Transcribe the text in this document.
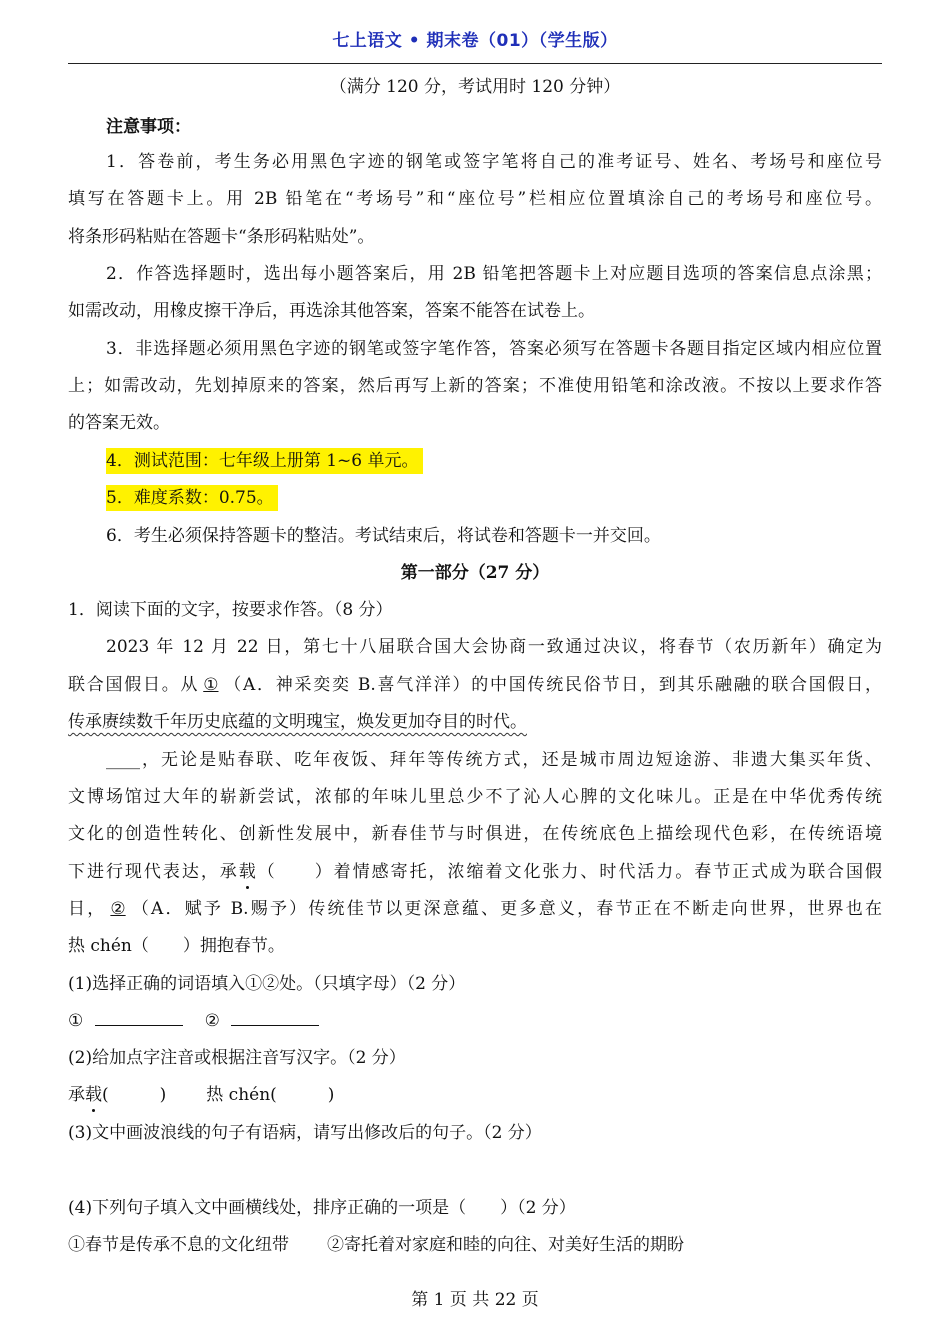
七上语文 • 期末卷（01）（学生版）
（满分 120 分，考试用时 120 分钟）
注意事项：
1．答卷前，考生务必用黑色字迹的钢笔或签字笔将自己的准考证号、姓名、考场号和座位号
填写在答题卡上。用 2B 铅笔在“考场号”和“座位号”栏相应位置填涂自己的考场号和座位号。
将条形码粘贴在答题卡“条形码粘贴处”。
2．作答选择题时，选出每小题答案后，用 2B 铅笔把答题卡上对应题目选项的答案信息点涂黑；
如需改动，用橡皮擦干净后，再选涂其他答案，答案不能答在试卷上。
3．非选择题必须用黑色字迹的钢笔或签字笔作答，答案必须写在答题卡各题目指定区域内相应位置
上；如需改动，先划掉原来的答案，然后再写上新的答案；不准使用铅笔和涂改液。不按以上要求作答
的答案无效。
4．测试范围：七年级上册第 1~6 单元。
5．难度系数：0.75。
6．考生必须保持答题卡的整洁。考试结束后，将试卷和答题卡一并交回。
第一部分（27 分）
1．阅读下面的文字，按要求作答。（8 分）
2023 年 12 月 22 日，第七十八届联合国大会协商一致通过决议，将春节（农历新年）确定为
联合国假日。从 ① （A．神采奕奕 B.喜气洋洋）的中国传统民俗节日，到其乐融融的联合国假日，
传承赓续数千年历史底蕴的文明瑰宝，焕发更加夺目的时代。
____，无论是贴春联、吃年夜饭、拜年等传统方式，还是城市周边短途游、非遗大集买年货、
文博场馆过大年的崭新尝试，浓郁的年味儿里总少不了沁人心脾的文化味儿。正是在中华优秀传统
文化的创造性转化、创新性发展中，新春佳节与时俱进，在传统底色上描绘现代色彩，在传统语境
下进行现代表达，承载（　　）着情感寄托，浓缩着文化张力、时代活力。春节正式成为联合国假
日， ② （A．赋予 B.赐予）传统佳节以更深意蕴、更多意义，春节正在不断走向世界，世界也在
热 chén（　　）拥抱春节。
(1)选择正确的词语填入①②处。（只填字母）（2 分）
①	②
(2)给加点字注音或根据注音写汉字。（2 分）
承载(　　　) 热 chén(　　　)
(3)文中画波浪线的句子有语病，请写出修改后的句子。（2 分）
(4)下列句子填入文中画横线处，排序正确的一项是（　　）（2 分）
①春节是传承不息的文化纽带 ②寄托着对家庭和睦的向往、对美好生活的期盼
第 1 页 共 22 页
